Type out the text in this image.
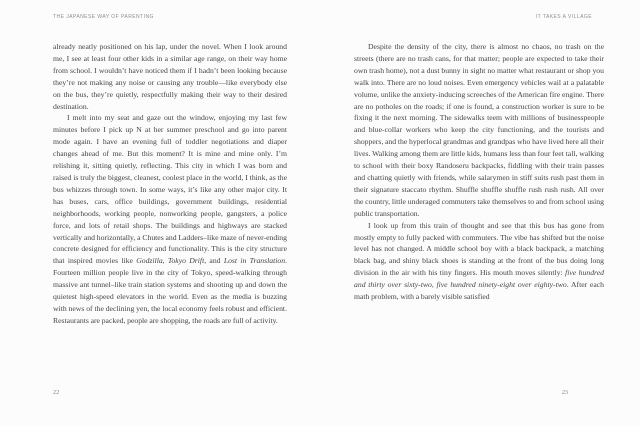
THE JAPANESE WAY OF PARENTING

already neatly positioned on his lap, under the novel. When I look around me, I see at least four other kids in a similar age range, on their way home from school. I wouldn’t have noticed them if I hadn’t been looking because they’re not making any noise or causing any trouble—like everybody else on the bus, they’re quietly, respectfully making their way to their desired destination.

I melt into my seat and gaze out the window, enjoying my last few minutes before I pick up N at her summer preschool and go into parent mode again. I have an evening full of toddler negotiations and diaper changes ahead of me. But this moment? It is mine and mine only. I’m relishing it, sitting quietly, reflecting. This city in which I was born and raised is truly the biggest, cleanest, coolest place in the world, I think, as the bus whizzes through town. In some ways, it’s like any other major city. It has buses, cars, office buildings, government buildings, residential neighborhoods, working people, nonworking people, gangsters, a police force, and lots of retail shops. The buildings and highways are stacked vertically and horizontally, a Chutes and Ladders–like maze of never-ending concrete designed for efficiency and functionality. This is the city structure that inspired movies like Godzilla, Tokyo Drift, and Lost in Translation. Fourteen million people live in the city of Tokyo, speed-walking through massive ant tunnel–like train station systems and shooting up and down the quietest high-speed elevators in the world. Even as the media is buzzing with news of the declining yen, the local economy feels robust and efficient. Restaurants are packed, people are shopping, the roads are full of activity.

22
IT TAKES A VILLAGE

Despite the density of the city, there is almost no chaos, no trash on the streets (there are no trash cans, for that matter; people are expected to take their own trash home), not a dust bunny in sight no matter what restaurant or shop you walk into. There are no loud noises. Even emergency vehicles wail at a palatable volume, unlike the anxiety-inducing screeches of the American fire engine. There are no potholes on the roads; if one is found, a construction worker is sure to be fixing it the next morning. The sidewalks teem with millions of businesspeople and blue-collar workers who keep the city functioning, and the tourists and shoppers, and the hyperlocal grandmas and grandpas who have lived here all their lives. Walking among them are little kids, humans less than four feet tall, walking to school with their boxy Randoseru backpacks, fiddling with their train passes and chatting quietly with friends, while salarymen in stiff suits rush past them in their signature staccato rhythm. Shuffle shuffle shuffle rush rush rush. All over the country, little underaged commuters take themselves to and from school using public transportation.

I look up from this train of thought and see that this bus has gone from mostly empty to fully packed with commuters. The vibe has shifted but the noise level has not changed. A middle school boy with a black backpack, a matching black bag, and shiny black shoes is standing at the front of the bus doing long division in the air with his tiny fingers. His mouth moves silently: five hundred and thirty over sixty-two, five hundred ninety-eight over eighty-two. After each math problem, with a barely visible satisfied

23
